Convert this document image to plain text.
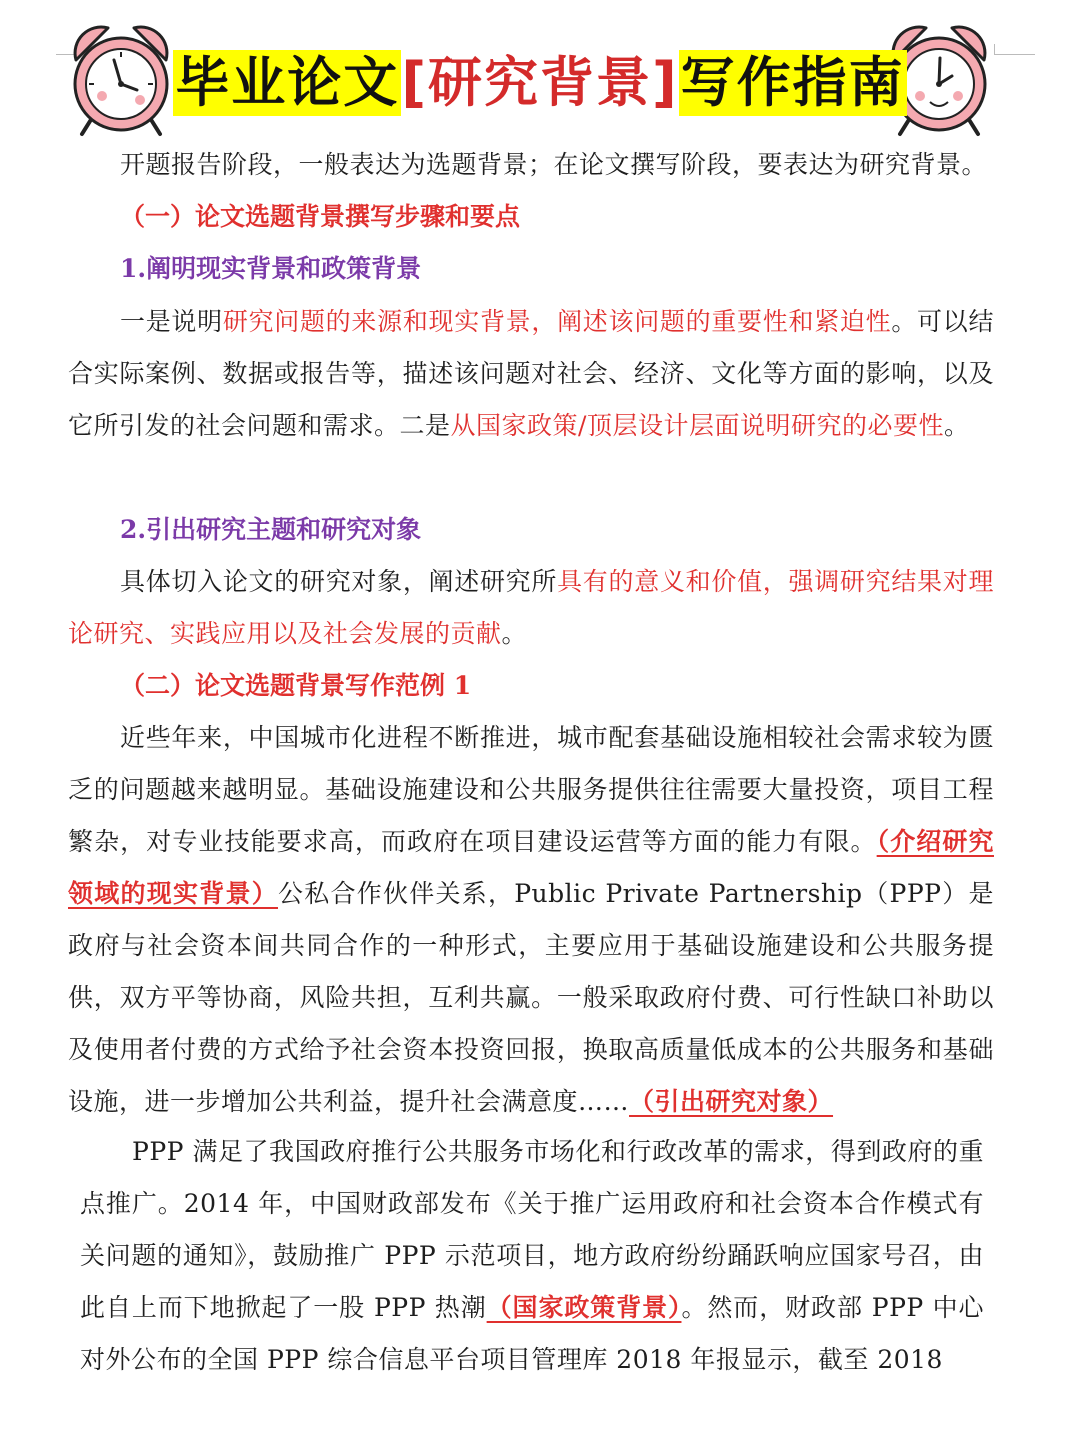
毕业论文 [研究背景] 写作指南
开题报告阶段，一般表达为选题背景；在论文撰写阶段，要表达为研究背景。
（一）论文选题背景撰写步骤和要点
1.阐明现实背景和政策背景
一是说明研究问题的来源和现实背景，阐述该问题的重要性和紧迫性。可以结合实际案例、数据或报告等，描述该问题对社会、经济、文化等方面的影响，以及它所引发的社会问题和需求。二是从国家政策/顶层设计层面说明研究的必要性。
2.引出研究主题和研究对象
具体切入论文的研究对象，阐述研究所具有的意义和价值，强调研究结果对理论研究、实践应用以及社会发展的贡献。
（二）论文选题背景写作范例 1
近些年来，中国城市化进程不断推进，城市配套基础设施相较社会需求较为匮乏的问题越来越明显。基础设施建设和公共服务提供往往需要大量投资，项目工程繁杂，对专业技能要求高，而政府在项目建设运营等方面的能力有限。（介绍研究领域的现实背景）公私合作伙伴关系，Public Private Partnership（PPP）是政府与社会资本间共同合作的一种形式，主要应用于基础设施建设和公共服务提供，双方平等协商，风险共担，互利共赢。一般采取政府付费、可行性缺口补助以及使用者付费的方式给予社会资本投资回报，换取高质量低成本的公共服务和基础设施，进一步增加公共利益，提升社会满意度……（引出研究对象）
PPP 满足了我国政府推行公共服务市场化和行政改革的需求，得到政府的重点推广。2014 年，中国财政部发布《关于推广运用政府和社会资本合作模式有关问题的通知》，鼓励推广 PPP 示范项目，地方政府纷纷踊跃响应国家号召，由此自上而下地掀起了一股 PPP 热潮（国家政策背景）。然而，财政部 PPP 中心对外公布的全国 PPP 综合信息平台项目管理库 2018 年报显示，截至 2018
